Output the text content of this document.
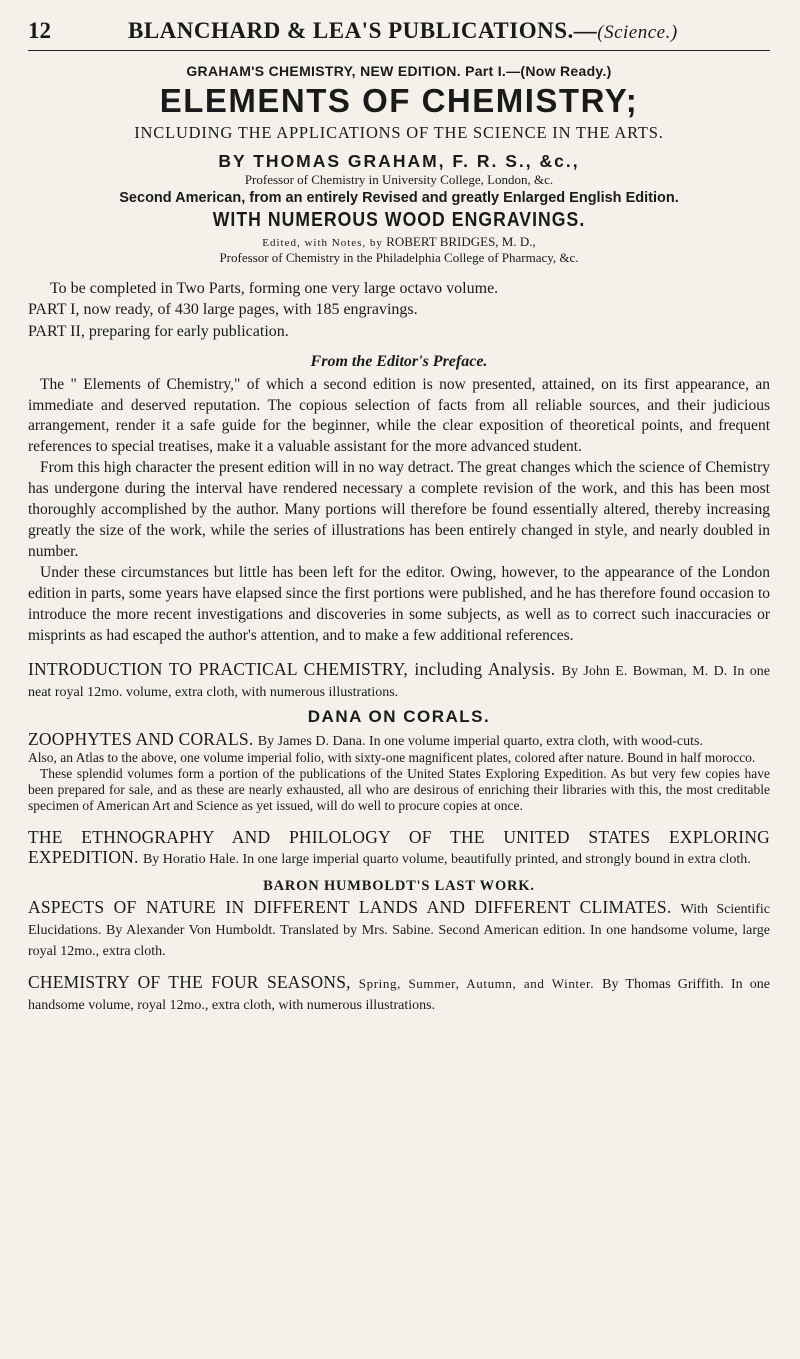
12	BLANCHARD & LEA'S PUBLICATIONS.—(Science.)
GRAHAM'S CHEMISTRY, NEW EDITION. Part I.—(Now Ready.)
ELEMENTS OF CHEMISTRY;
INCLUDING THE APPLICATIONS OF THE SCIENCE IN THE ARTS.
BY THOMAS GRAHAM, F. R. S., &c.,
Professor of Chemistry in University College, London, &c.
Second American, from an entirely Revised and greatly Enlarged English Edition.
WITH NUMEROUS WOOD ENGRAVINGS.
Edited, with Notes, by ROBERT BRIDGES, M. D.,
Professor of Chemistry in the Philadelphia College of Pharmacy, &c.

To be completed in Two Parts, forming one very large octavo volume.

PART I, now ready, of 430 large pages, with 185 engravings.

PART II, preparing for early publication.

From the Editor's Preface.

The " Elements of Chemistry," of which a second edition is now presented, attained, on its first appearance, an immediate and deserved reputation. The copious selection of facts from all reliable sources, and their judicious arrangement, render it a safe guide for the beginner, while the clear exposition of theoretical points, and frequent references to special treatises, make it a valuable assistant for the more advanced student.

From this high character the present edition will in no way detract. The great changes which the science of Chemistry has undergone during the interval have rendered necessary a complete revision of the work, and this has been most thoroughly accomplished by the author. Many portions will therefore be found essentially altered, thereby increasing greatly the size of the work, while the series of illustrations has been entirely changed in style, and nearly doubled in number.

Under these circumstances but little has been left for the editor. Owing, however, to the appearance of the London edition in parts, some years have elapsed since the first portions were published, and he has therefore found occasion to introduce the more recent investigations and discoveries in some subjects, as well as to correct such inaccuracies or misprints as had escaped the author's attention, and to make a few additional references.

INTRODUCTION TO PRACTICAL CHEMISTRY, including Analysis. By John E. Bowman, M. D. In one neat royal 12mo. volume, extra cloth, with numerous illustrations.
DANA ON CORALS.
ZOOPHYTES AND CORALS. By James D. Dana. In one volume imperial quarto, extra cloth, with wood-cuts.

Also, an Atlas to the above, one volume imperial folio, with sixty-one magnificent plates, colored after nature. Bound in half morocco.

These splendid volumes form a portion of the publications of the United States Exploring Expedition. As but very few copies have been prepared for sale, and as these are nearly exhausted, all who are desirous of enriching their libraries with this, the most creditable specimen of American Art and Science as yet issued, will do well to procure copies at once.

THE ETHNOGRAPHY AND PHILOLOGY OF THE UNITED STATES EXPLORING EXPEDITION. By Horatio Hale. In one large imperial quarto volume, beautifully printed, and strongly bound in extra cloth.
BARON HUMBOLDT'S LAST WORK.
ASPECTS OF NATURE IN DIFFERENT LANDS AND DIFFERENT CLIMATES. With Scientific Elucidations. By Alexander Von Humboldt. Translated by Mrs. Sabine. Second American edition. In one handsome volume, large royal 12mo., extra cloth.
CHEMISTRY OF THE FOUR SEASONS, Spring, Summer, Autumn, and Winter. By Thomas Griffith. In one handsome volume, royal 12mo., extra cloth, with numerous illustrations.
